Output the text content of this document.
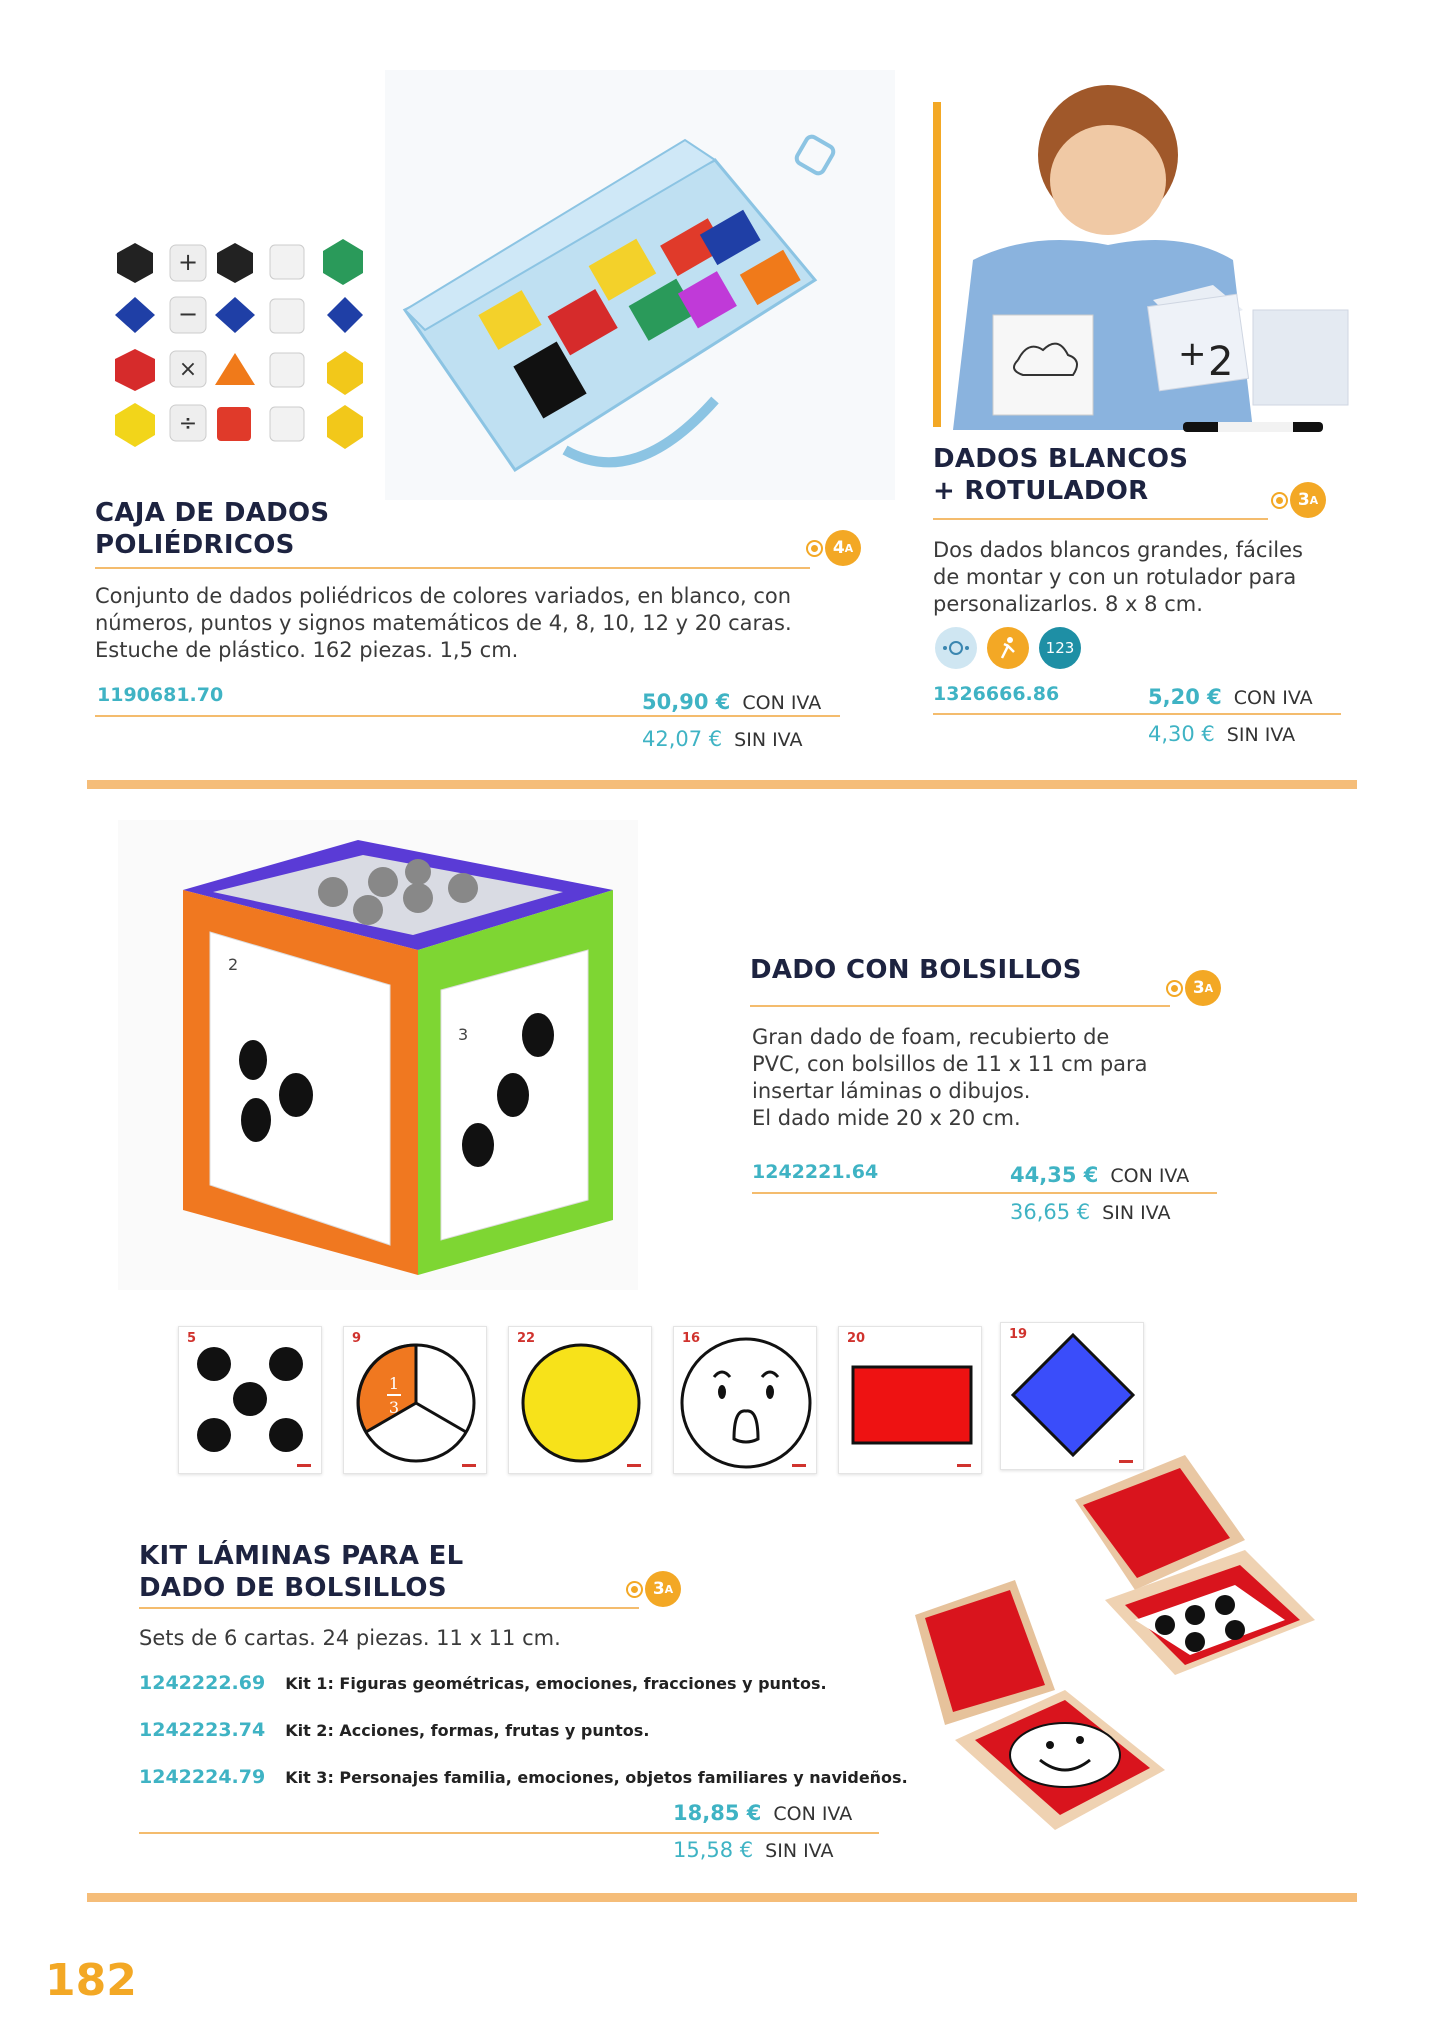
+
−
×
÷
CAJA DE DADOS
POLIÉDRICOS	4 A
Conjunto de dados poliédricos de colores variados, en blanco, con
números, puntos y signos matemáticos de 4, 8, 10, 12 y 20 caras.
Estuche de plástico. 162 piezas. 1,5 cm.
1190681.70	50,90 € CON IVA
42,07 € SIN IVA
+ 2
DADOS BLANCOS
+ ROTULADOR	3 A
Dos dados blancos grandes, fáciles
de montar y con un rotulador para
personalizarlos. 8 x 8 cm.
123
1326666.86	5,20 € CON IVA
4,30 € SIN IVA
2
3
DADO CON BOLSILLOS
3 A
Gran dado de foam, recubierto de
PVC, con bolsillos de 11 x 11 cm para
insertar láminas o dibujos.
El dado mide 20 x 20 cm.
1242221.64	44,35 € CON IVA
36,65 € SIN IVA
5	9
1
3
22	16	20	19
KIT LÁMINAS PARA EL
DADO DE BOLSILLOS	3 A
Sets de 6 cartas. 24 piezas. 11 x 11 cm.
1242222.69 Kit 1: Figuras geométricas, emociones, fracciones y puntos.
1242223.74 Kit 2: Acciones, formas, frutas y puntos.
1242224.79 Kit 3: Personajes familia, emociones, objetos familiares y navideños.
18,85 € CON IVA
15,58 € SIN IVA
182
